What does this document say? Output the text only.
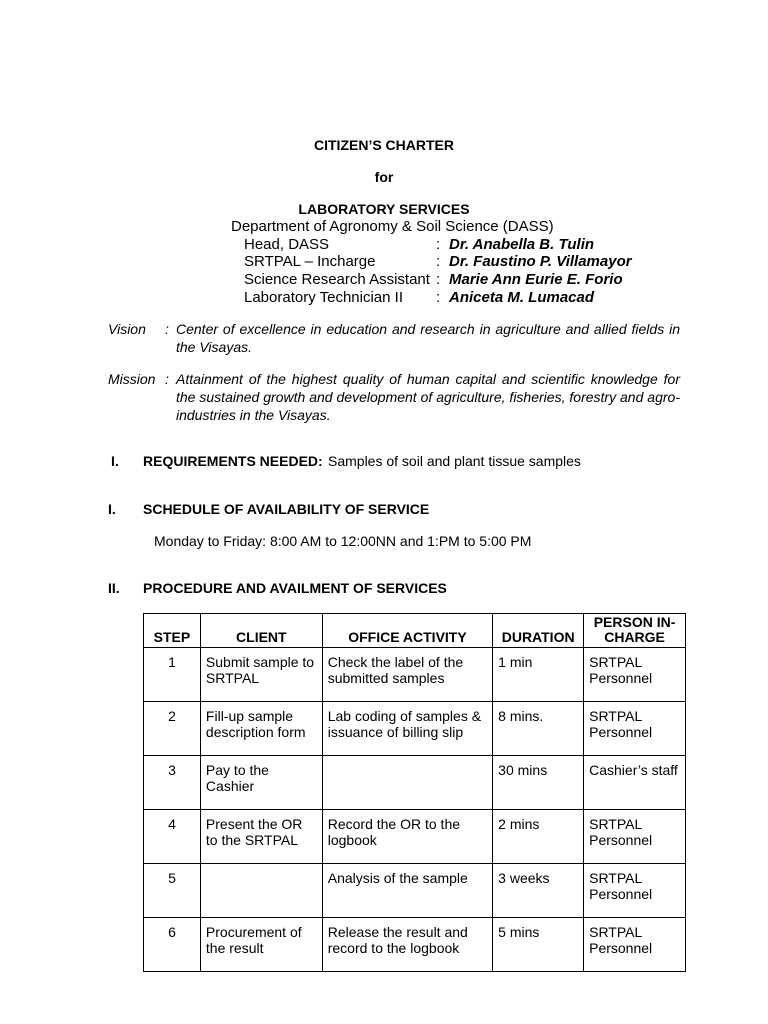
CITIZEN’S CHARTER
for
LABORATORY SERVICES
Department of Agronomy & Soil Science (DASS)
Head, DASS	: Dr. Anabella B. Tulin
SRTPAL – Incharge	: Dr. Faustino P. Villamayor
Science Research Assistant : Marie Ann Eurie E. Forio
Laboratory Technician II : Aniceta M. Lumacad
Vision : Center of excellence in education and research in agriculture and allied fields in the Visayas.
Mission : Attainment of the highest quality of human capital and scientific knowledge for the sustained growth and development of agriculture, fisheries, forestry and agro-industries in the Visayas.
I. REQUIREMENTS NEEDED: Samples of soil and plant tissue samples
I. SCHEDULE OF AVAILABILITY OF SERVICE
Monday to Friday: 8:00 AM to 12:00NN and 1:PM to 5:00 PM
II. PROCEDURE AND AVAILMENT OF SERVICES
STEP	CLIENT	OFFICE ACTIVITY	DURATION	PERSON IN-CHARGE
1	Submit sample to SRTPAL	Check the label of the submitted samples	1 min	SRTPAL Personnel
2	Fill-up sample description form	Lab coding of samples & issuance of billing slip	8 mins.	SRTPAL Personnel
3	Pay to the Cashier		30 mins	Cashier’s staff
4	Present the OR to the SRTPAL	Record the OR to the logbook	2 mins	SRTPAL Personnel
5		Analysis of the sample	3 weeks	SRTPAL Personnel
6	Procurement of the result	Release the result and record to the logbook	5 mins	SRTPAL Personnel
